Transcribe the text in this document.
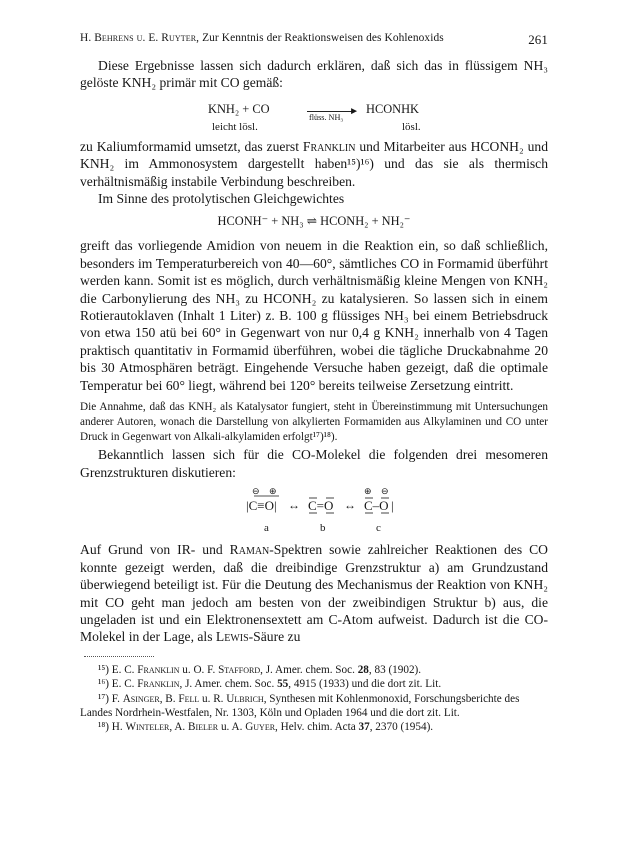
H. Behrens u. E. Ruyter, Zur Kenntnis der Reaktionsweisen des Kohlenoxids	261

Diese Ergebnisse lassen sich dadurch erklären, daß sich das in flüssigem NH₃ gelöste KNH₂ primär mit CO gemäß:

KNH₂ + CO	►
flüss. NH₃
HCONHK
leicht lösl.	lösl.

zu Kaliumformamid umsetzt, das zuerst Franklin und Mitarbeiter aus HCONH₂ und KNH₂ im Ammonosystem dargestellt haben¹⁵)¹⁶) und das sie als thermisch verhältnismäßig instabile Verbindung beschreiben.

Im Sinne des protolytischen Gleichgewichtes

HCONH⁻ + NH₃ ⇌ HCONH₂ + NH₂⁻

greift das vorliegende Amidion von neuem in die Reaktion ein, so daß schließlich, besonders im Temperaturbereich von 40—60°, sämtliches CO in Formamid überführt werden kann. Somit ist es möglich, durch verhältnismäßig kleine Mengen von KNH₂ die Carbonylierung des NH₃ zu HCONH₂ zu katalysieren. So lassen sich in einem Rotierautoklaven (Inhalt 1 Liter) z. B. 100 g flüssiges NH₃ bei einem Betriebsdruck von etwa 150 atü bei 60° in Gegenwart von nur 0,4 g KNH₂ innerhalb von 4 Tagen praktisch quantitativ in Formamid überführen, wobei die tägliche Druckabnahme 20 bis 30 Atmosphären beträgt. Eingehende Versuche haben gezeigt, daß die optimale Temperatur bei 60° liegt, während bei 120° bereits teilweise Zersetzung eintritt.

Die Annahme, daß das KNH₂ als Katalysator fungiert, steht in Übereinstimmung mit Untersuchungen anderer Autoren, wonach die Darstellung von alkylierten Formamiden aus Alkylaminen und CO unter Druck in Gegenwart von Alkali-alkylamiden erfolgt¹⁷)¹⁸).

Bekanntlich lassen sich für die CO-Molekel die folgenden drei mesomeren Grenzstrukturen diskutieren:

⊖ ⊕
|C≡O| ↔ C=O ↔
⊕ ⊖
C–O |
a	b	c

Auf Grund von IR- und Raman-Spektren sowie zahlreicher Reaktionen des CO konnte gezeigt werden, daß die dreibindige Grenzstruktur a) am Grundzustand überwiegend beteiligt ist. Für die Deutung des Mechanismus der Reaktion von KNH₂ mit CO geht man jedoch am besten von der zweibindigen Struktur b) aus, die ungeladen ist und ein Elektronensextett am C-Atom aufweist. Dadurch ist die CO-Molekel in der Lage, als Lewis-Säure zu

¹⁵) E. C. Franklin u. O. F. Stafford, J. Amer. chem. Soc. 28, 83 (1902).

¹⁶) E. C. Franklin, J. Amer. chem. Soc. 55, 4915 (1933) und die dort zit. Lit.

¹⁷) F. Asinger, B. Fell u. R. Ulbrich, Synthesen mit Kohlenmonoxid, Forschungsberichte des Landes Nordrhein-Westfalen, Nr. 1303, Köln und Opladen 1964 und die dort zit. Lit.

¹⁸) H. Winteler, A. Bieler u. A. Guyer, Helv. chim. Acta 37, 2370 (1954).
